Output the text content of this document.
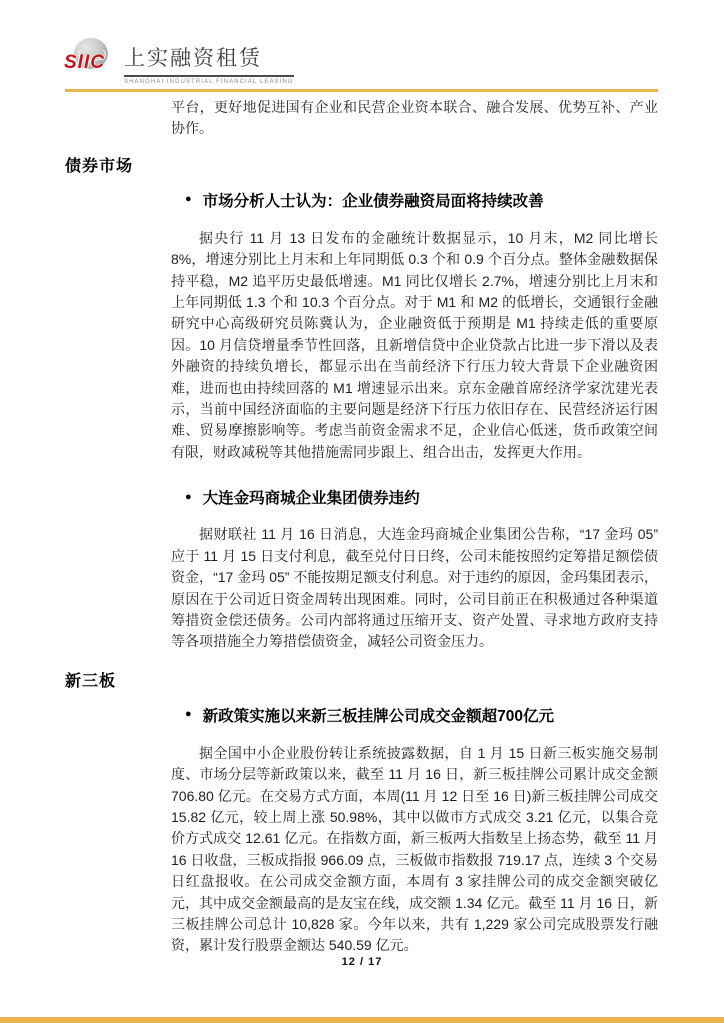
SIIC 上实融资租赁
SHANGHAI INDUSTRIAL FINANCIAL LEASING
平台，更好地促进国有企业和民营企业资本联合、融合发展、优势互补、产业协作。
债券市场
● 市场分析人士认为：企业债券融资局面将持续改善
据央行 11 月 13 日发布的金融统计数据显示，10 月末，M2 同比增长 8%，增速分别比上月末和上年同期低 0.3 个和 0.9 个百分点。整体金融数据保持平稳，M2 追平历史最低增速。M1 同比仅增长 2.7%，增速分别比上月末和上年同期低 1.3 个和 10.3 个百分点。对于 M1 和 M2 的低增长，交通银行金融研究中心高级研究员陈冀认为，企业融资低于预期是 M1 持续走低的重要原因。10 月信贷增量季节性回落，且新增信贷中企业贷款占比进一步下滑以及表外融资的持续负增长，都显示出在当前经济下行压力较大背景下企业融资困难，进而也由持续回落的 M1 增速显示出来。京东金融首席经济学家沈建光表示，当前中国经济面临的主要问题是经济下行压力依旧存在、民营经济运行困难、贸易摩擦影响等。考虑当前资金需求不足，企业信心低迷，货币政策空间有限，财政减税等其他措施需同步跟上、组合出击，发挥更大作用。
● 大连金玛商城企业集团债券违约
据财联社 11 月 16 日消息，大连金玛商城企业集团公告称，“17 金玛 05” 应于 11 月 15 日支付利息，截至兑付日日终，公司未能按照约定筹措足额偿债资金，“17 金玛 05” 不能按期足额支付利息。对于违约的原因，金玛集团表示，原因在于公司近日资金周转出现困难。同时，公司目前正在积极通过各种渠道筹措资金偿还债务。公司内部将通过压缩开支、资产处置、寻求地方政府支持等各项措施全力筹措偿债资金，减轻公司资金压力。
新三板
● 新政策实施以来新三板挂牌公司成交金额超700亿元
据全国中小企业股份转让系统披露数据，自 1 月 15 日新三板实施交易制度、市场分层等新政策以来，截至 11 月 16 日，新三板挂牌公司累计成交金额 706.80 亿元。在交易方式方面，本周(11 月 12 日至 16 日)新三板挂牌公司成交 15.82 亿元，较上周上涨 50.98%，其中以做市方式成交 3.21 亿元，以集合竞价方式成交 12.61 亿元。在指数方面，新三板两大指数呈上扬态势，截至 11 月 16 日收盘，三板成指报 966.09 点，三板做市指数报 719.17 点，连续 3 个交易日红盘报收。在公司成交金额方面，本周有 3 家挂牌公司的成交金额突破亿元，其中成交金额最高的是友宝在线，成交额 1.34 亿元。截至 11 月 16 日，新三板挂牌公司总计 10,828 家。今年以来，共有 1,229 家公司完成股票发行融资，累计发行股票金额达 540.59 亿元。
12 / 17
